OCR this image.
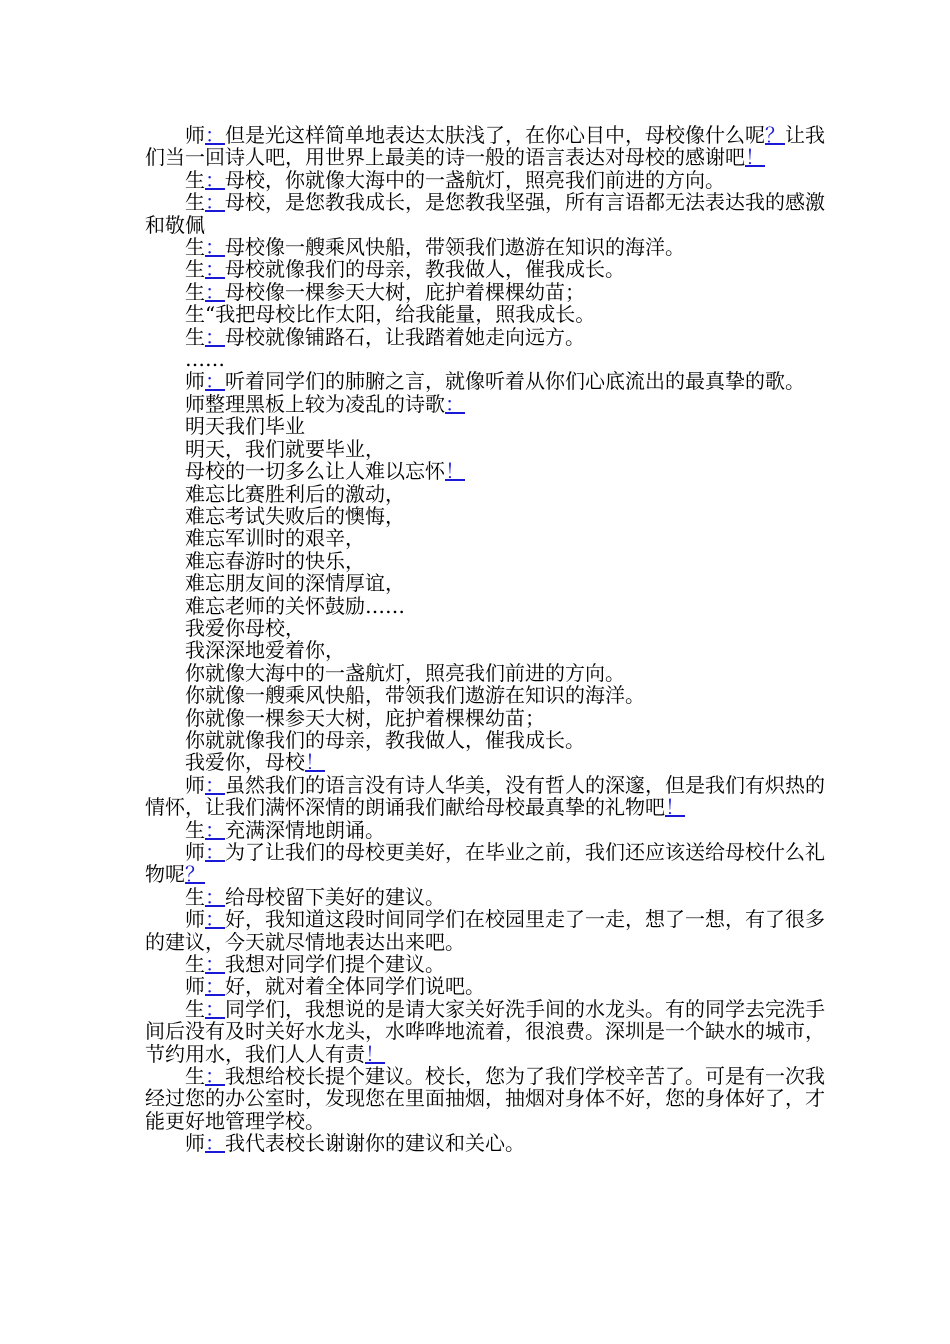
师：但是光这样简单地表达太肤浅了，在你心目中，母校像什么呢？让我们当一回诗人吧，用世界上最美的诗一般的语言表达对母校的感谢吧！

生：母校，你就像大海中的一盏航灯，照亮我们前进的方向。

生：母校，是您教我成长，是您教我坚强，所有言语都无法表达我的感激和敬佩

生：母校像一艘乘风快船，带领我们遨游在知识的海洋。

生：母校就像我们的母亲，教我做人，催我成长。

生：母校像一棵参天大树，庇护着棵棵幼苗；

生“我把母校比作太阳，给我能量，照我成长。

生：母校就像铺路石，让我踏着她走向远方。

……

师：听着同学们的肺腑之言，就像听着从你们心底流出的最真挚的歌。

师整理黑板上较为凌乱的诗歌：

明天我们毕业

明天，我们就要毕业，

母校的一切多么让人难以忘怀！

难忘比赛胜利后的激动，

难忘考试失败后的懊悔，

难忘军训时的艰辛，

难忘春游时的快乐，

难忘朋友间的深情厚谊，

难忘老师的关怀鼓励……

我爱你母校，

我深深地爱着你，

你就像大海中的一盏航灯，照亮我们前进的方向。

你就像一艘乘风快船，带领我们遨游在知识的海洋。

你就像一棵参天大树，庇护着棵棵幼苗；

你就就像我们的母亲，教我做人，催我成长。

我爱你，母校！

师：虽然我们的语言没有诗人华美，没有哲人的深邃，但是我们有炽热的情怀，让我们满怀深情的朗诵我们献给母校最真挚的礼物吧！

生：充满深情地朗诵。

师：为了让我们的母校更美好，在毕业之前，我们还应该送给母校什么礼物呢？

生：给母校留下美好的建议。

师：好，我知道这段时间同学们在校园里走了一走，想了一想，有了很多的建议，今天就尽情地表达出来吧。

生：我想对同学们提个建议。

师：好，就对着全体同学们说吧。

生：同学们，我想说的是请大家关好洗手间的水龙头。有的同学去完洗手间后没有及时关好水龙头，水哗哗地流着，很浪费。深圳是一个缺水的城市，节约用水，我们人人有责！

生：我想给校长提个建议。校长，您为了我们学校辛苦了。可是有一次我经过您的办公室时，发现您在里面抽烟，抽烟对身体不好，您的身体好了，才能更好地管理学校。

师：我代表校长谢谢你的建议和关心。
